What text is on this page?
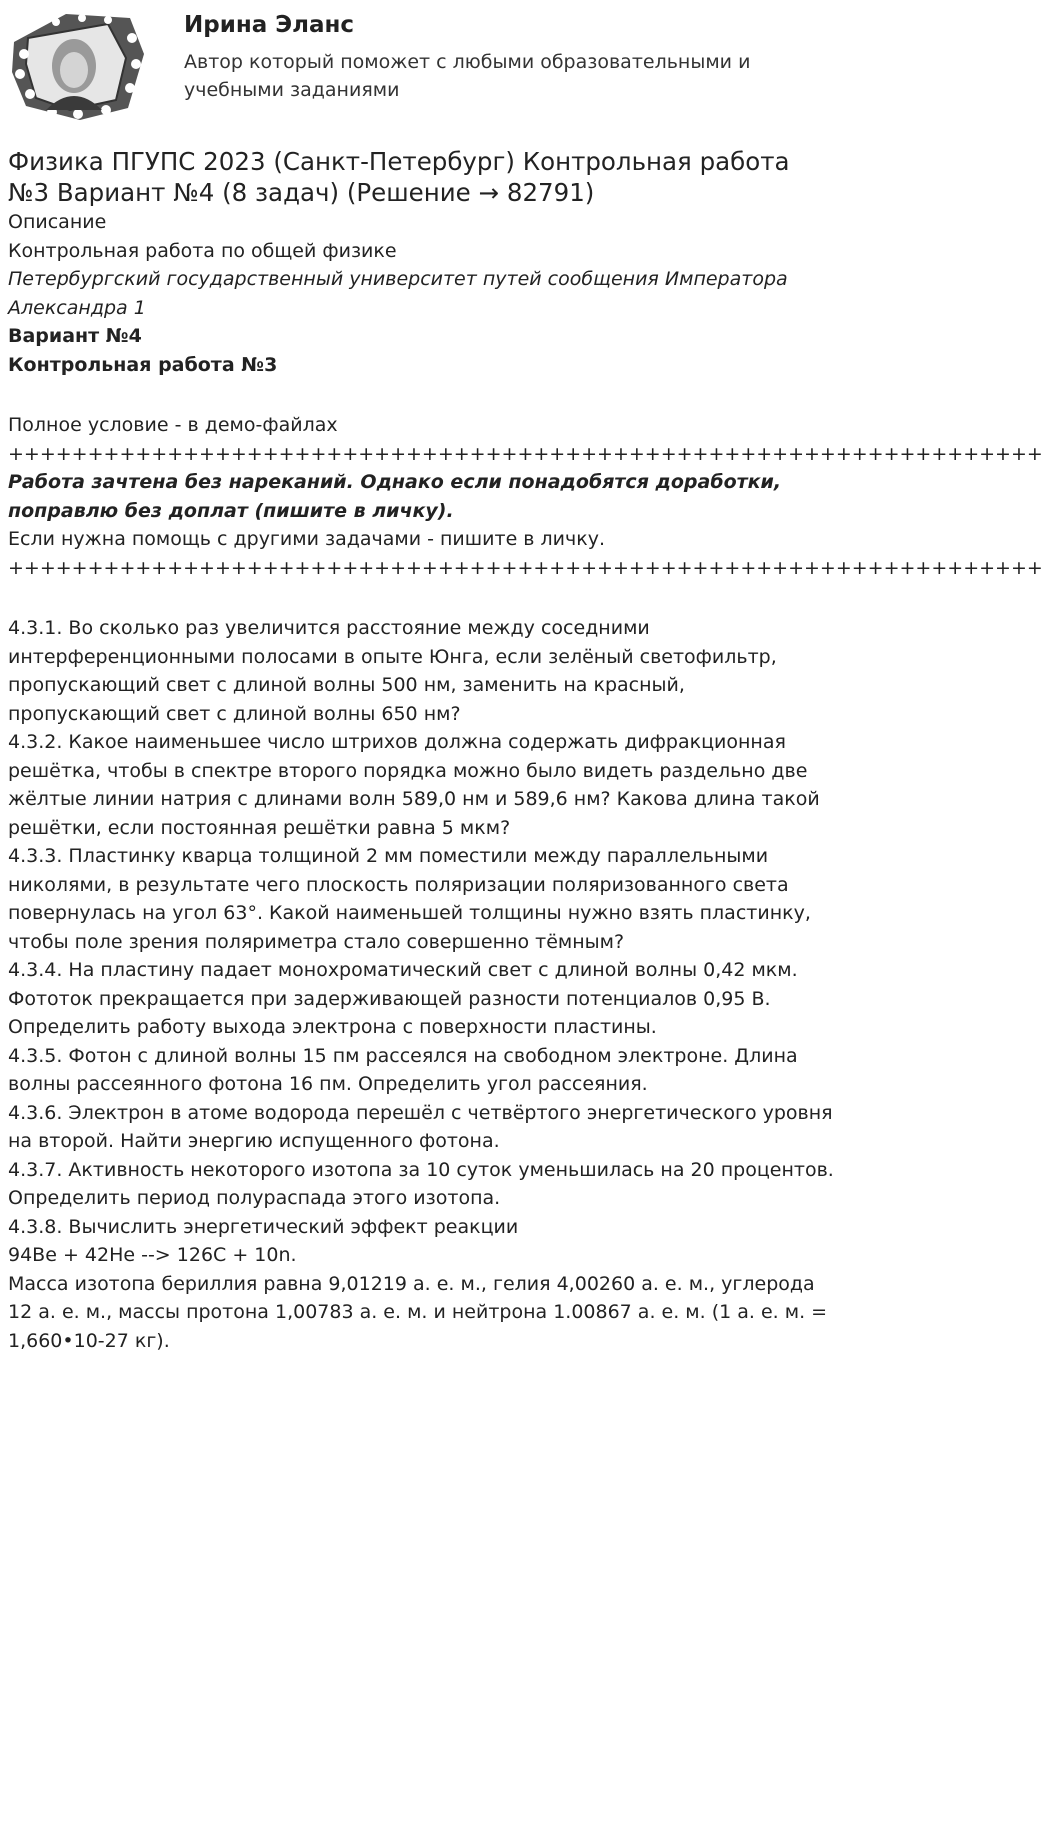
Ирина Эланс
Автор который поможет с любыми образовательными и учебными заданиями

Физика ПГУПС 2023 (Санкт-Петербург) Контрольная работа №3 Вариант №4 (8 задач) (Решение → 82791)

Описание

Контрольная работа по общей физике

Петербургский государственный университет путей сообщения Императора Александра 1

Вариант №4

Контрольная работа №3

Полное условие - в демо-файлах

+++++++++++++++++++++++++++++++++++++++++++++++++++++++++++++++++

Работа зачтена без нареканий. Однако если понадобятся доработки, поправлю без доплат (пишите в личку).

Если нужна помощь с другими задачами - пишите в личку.

+++++++++++++++++++++++++++++++++++++++++++++++++++++++++++++++++

4.3.1. Во сколько раз увеличится расстояние между соседними интерференционными полосами в опыте Юнга, если зелёный светофильтр, пропускающий свет с длиной волны 500 нм, заменить на красный, пропускающий свет с длиной волны 650 нм?

4.3.2. Какое наименьшее число штрихов должна содержать дифракционная решётка, чтобы в спектре второго порядка можно было видеть раздельно две жёлтые линии натрия с длинами волн 589,0 нм и 589,6 нм? Какова длина такой решётки, если постоянная решётки равна 5 мкм?

4.3.3. Пластинку кварца толщиной 2 мм поместили между параллельными николями, в результате чего плоскость поляризации поляризованного света повернулась на угол 63°. Какой наименьшей толщины нужно взять пластинку, чтобы поле зрения поляриметра стало совершенно тёмным?

4.3.4. На пластину падает монохроматический свет с длиной волны 0,42 мкм. Фототок прекращается при задерживающей разности потенциалов 0,95 В. Определить работу выхода электрона с поверхности пластины.

4.3.5. Фотон с длиной волны 15 пм рассеялся на свободном электроне. Длина волны рассеянного фотона 16 пм. Определить угол рассеяния.

4.3.6. Электрон в атоме водорода перешёл с четвёртого энергетического уровня на второй. Найти энергию испущенного фотона.

4.3.7. Активность некоторого изотопа за 10 суток уменьшилась на 20 процентов. Определить период полураспада этого изотопа.

4.3.8. Вычислить энергетический эффект реакции

94Be + 42He --> 126C + 10n.

Масса изотопа бериллия равна 9,01219 а. е. м., гелия 4,00260 а. е. м., углерода 12 а. е. м., массы протона 1,00783 а. е. м. и нейтрона 1.00867 а. е. м. (1 а. е. м. = 1,660•10-27 кг).
